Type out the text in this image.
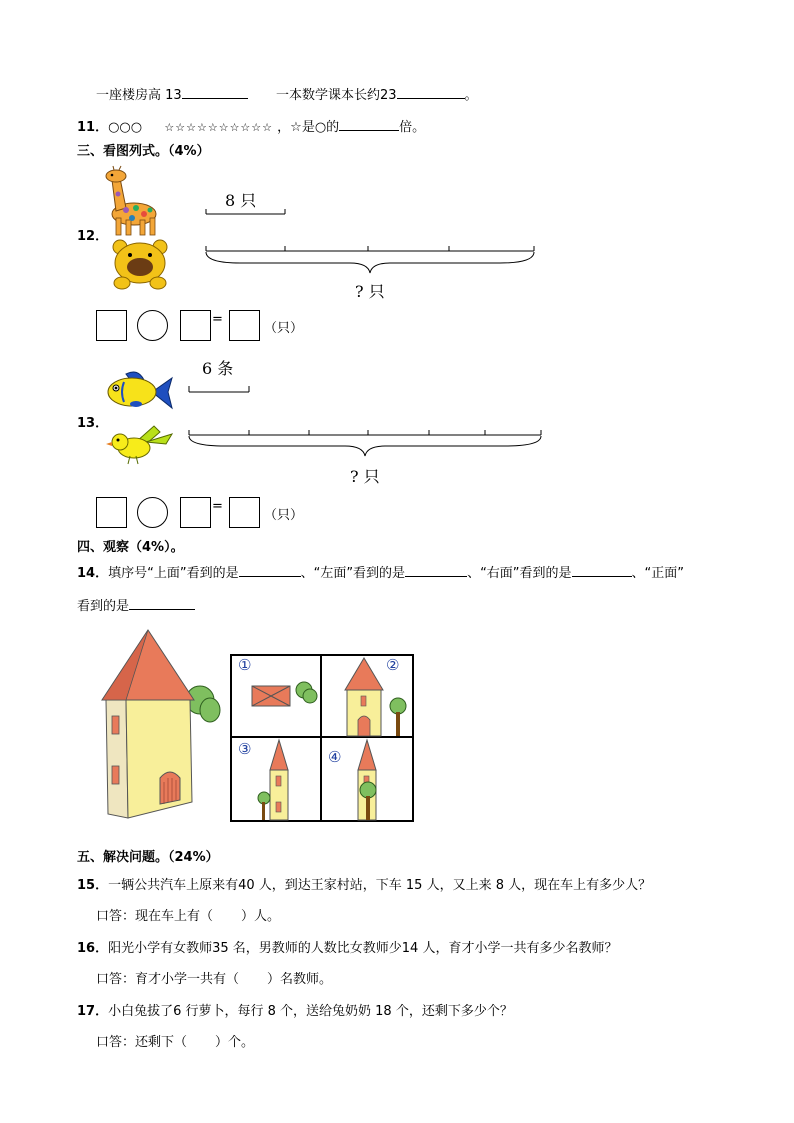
一座楼房高 13	一本数学课本长约23	。
11．○○○ ☆☆☆☆☆☆☆☆☆☆ ，☆是○的	倍。
三、看图列式。（4%）
12．
8 只
? 只
=
（只）
13．
6 条
? 只
=
（只）
四、观察（4%）。
14．填序号“上面”看到的是	、“左面”看到的是	、“右面”看到的是	、“正面”
看到的是
①	②
③	④
五、解决问题。（24%）
15．一辆公共汽车上原来有40 人，到达王家村站，下车 15 人，又上来 8 人，现在车上有多少人？
口答：现在车上有（ ）人。
16．阳光小学有女教师35 名，男教师的人数比女教师少14 人，育才小学一共有多少名教师？
口答：育才小学一共有（ ）名教师。
17．小白兔拔了6 行萝卜，每行 8 个，送给兔奶奶 18 个，还剩下多少个？
口答：还剩下（ ）个。
